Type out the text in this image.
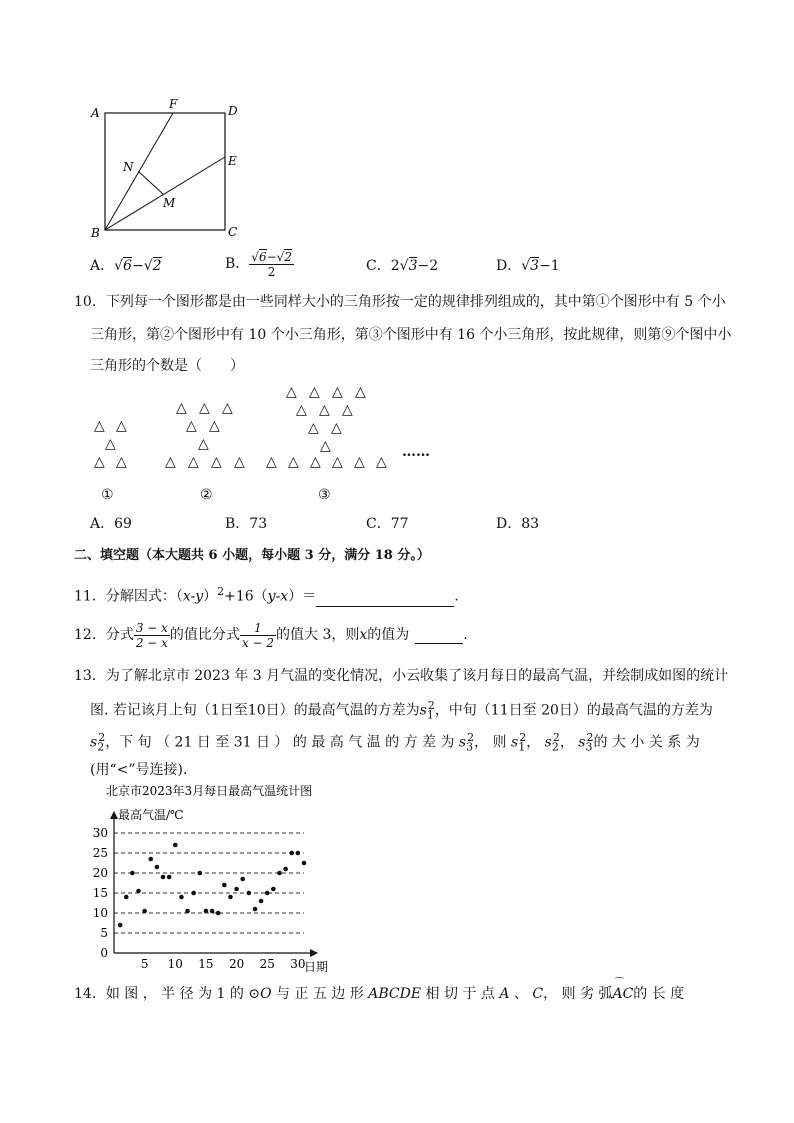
A
F	D
E
N
M
B	C
A．√6−√2	B． $\frac{√6-√2}{2}$	C．2√3−2	D．√3−1
10．下列每一个图形都是由一些同样大小的三角形按一定的规律排列组成的，其中第①个图形中有 5 个小
三角形，第②个图形中有 10 个小三角形，第③个图形中有 16 个小三角形，按此规律，则第⑨个图中小
三角形的个数是（　　）
△ △
△
△ △
△ △ △
△ △
△
△ △ △ △
△ △ △ △
△ △ △
△ △
△
△ △ △ △ △ △
……
①	②	③
A．69	B．73	C．77	D．83
二、填空题（本大题共 6 小题，每小题 3 分，满分 18 分。）
11．分解因式：$(x-y)^2+16(y-x)=$	.
12．分式 $\frac{3 - x}{2 - x}$ 的值比分式 $\frac{1}{x - 2}$ 的值大 3，则 x 的值为	.
13．为了解北京市 2023 年 3 月气温的变化情况，小云收集了该月每日的最高气温，并绘制成如图的统计
图. 若记该月上旬（1日至10日）的最高气温的方差为$s_1^2$，中旬（11日至 20日）的最高气温的方差为
$s_2^2$，下 旬 （ 21 日 至 31 日 ） 的 最 高 气 温 的 方 差 为 $s_3^2$， 则 $s_1^2$， $s_2^2$， $s_3^2$的 大 小 关 系 为
(用“<”号连接).
北京市2023年3月每日最高气温统计图
最高气温/℃
日期
0
5
10
15
20
25
30
5 10 15 20 25 30
14．如 图 ， 半 径 为 1 的 ⊙O 与 正 五 边 形 ABCDE 相 切 于 点 A 、 C， 则 劣 弧
⌒
AC的 长 度
